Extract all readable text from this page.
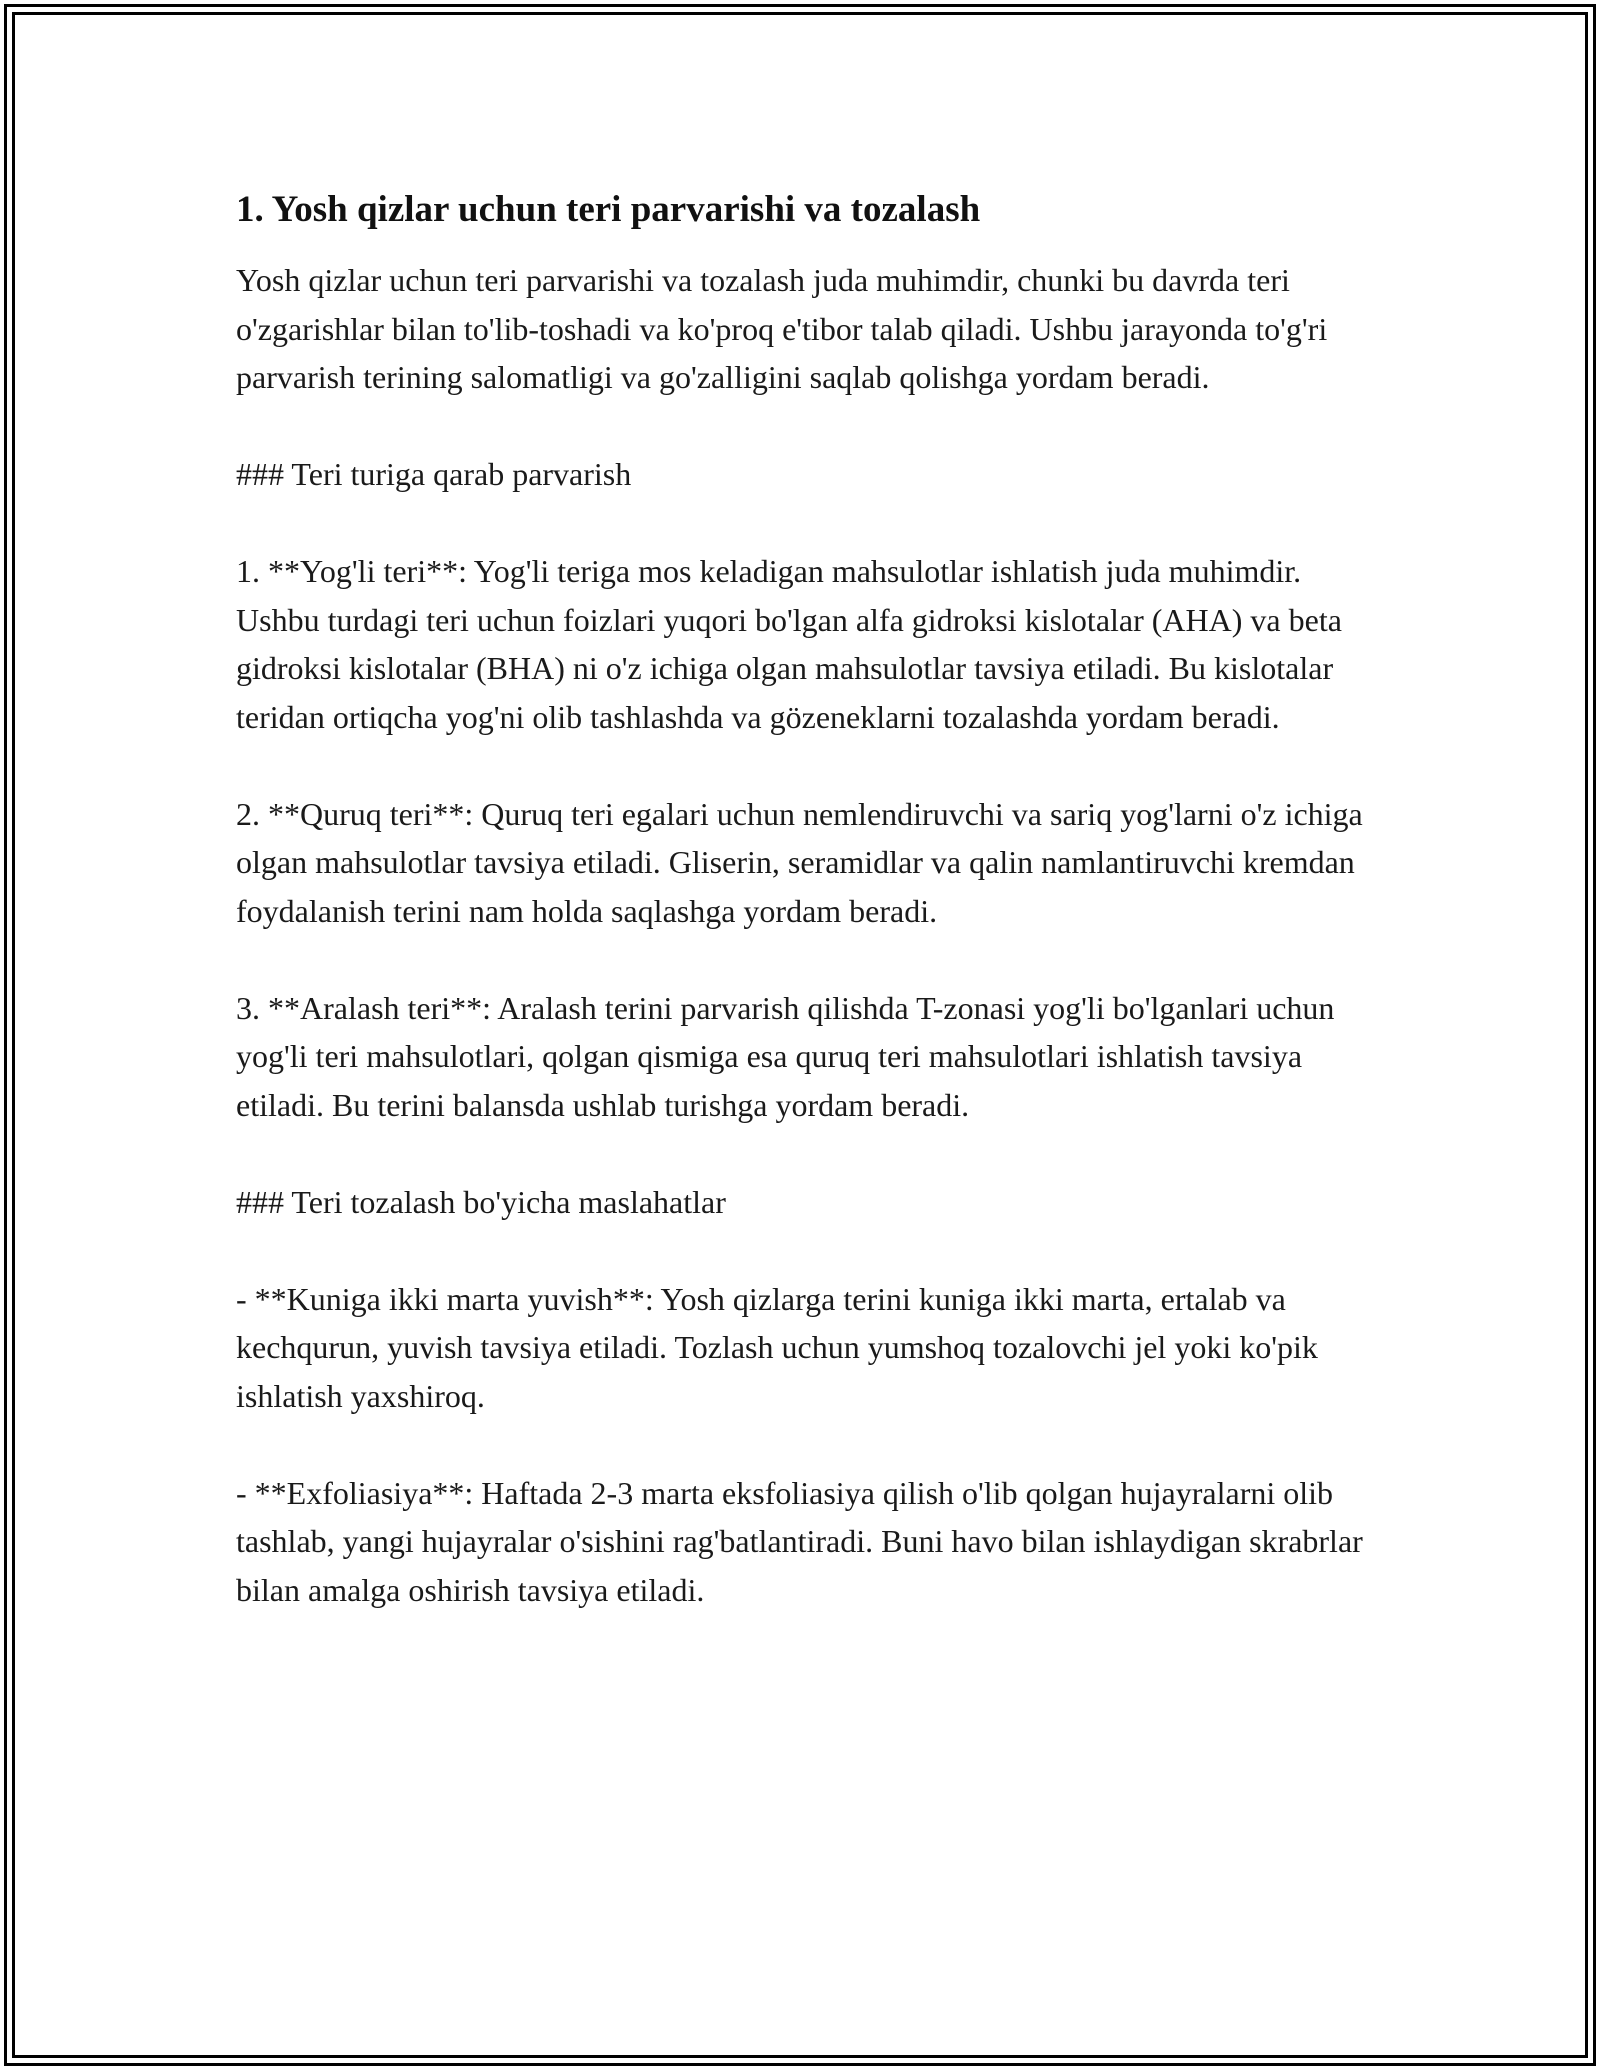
1. Yosh qizlar uchun teri parvarishi va tozalash

Yosh qizlar uchun teri parvarishi va tozalash juda muhimdir, chunki bu davrda teri o'zgarishlar bilan to'lib-toshadi va ko'proq e'tibor talab qiladi. Ushbu jarayonda to'g'ri parvarish terining salomatligi va go'zalligini saqlab qolishga yordam beradi.

### Teri turiga qarab parvarish

1. **Yog'li teri**: Yog'li teriga mos keladigan mahsulotlar ishlatish juda muhimdir. Ushbu turdagi teri uchun foizlari yuqori bo'lgan alfa gidroksi kislotalar (AHA) va beta gidroksi kislotalar (BHA) ni o'z ichiga olgan mahsulotlar tavsiya etiladi. Bu kislotalar teridan ortiqcha yog'ni olib tashlashda va gözeneklarni tozalashda yordam beradi.

2. **Quruq teri**: Quruq teri egalari uchun nemlendiruvchi va sariq yog'larni o'z ichiga olgan mahsulotlar tavsiya etiladi. Gliserin, seramidlar va qalin namlantiruvchi kremdan foydalanish terini nam holda saqlashga yordam beradi.

3. **Aralash teri**: Aralash terini parvarish qilishda T-zonasi yog'li bo'lganlari uchun yog'li teri mahsulotlari, qolgan qismiga esa quruq teri mahsulotlari ishlatish tavsiya etiladi. Bu terini balansda ushlab turishga yordam beradi.

### Teri tozalash bo'yicha maslahatlar

- **Kuniga ikki marta yuvish**: Yosh qizlarga terini kuniga ikki marta, ertalab va kechqurun, yuvish tavsiya etiladi. Tozlash uchun yumshoq tozalovchi jel yoki ko'pik ishlatish yaxshiroq.

- **Exfoliasiya**: Haftada 2-3 marta eksfoliasiya qilish o'lib qolgan hujayralarni olib tashlab, yangi hujayralar o'sishini rag'batlantiradi. Buni havo bilan ishlaydigan skrabrlar bilan amalga oshirish tavsiya etiladi.
